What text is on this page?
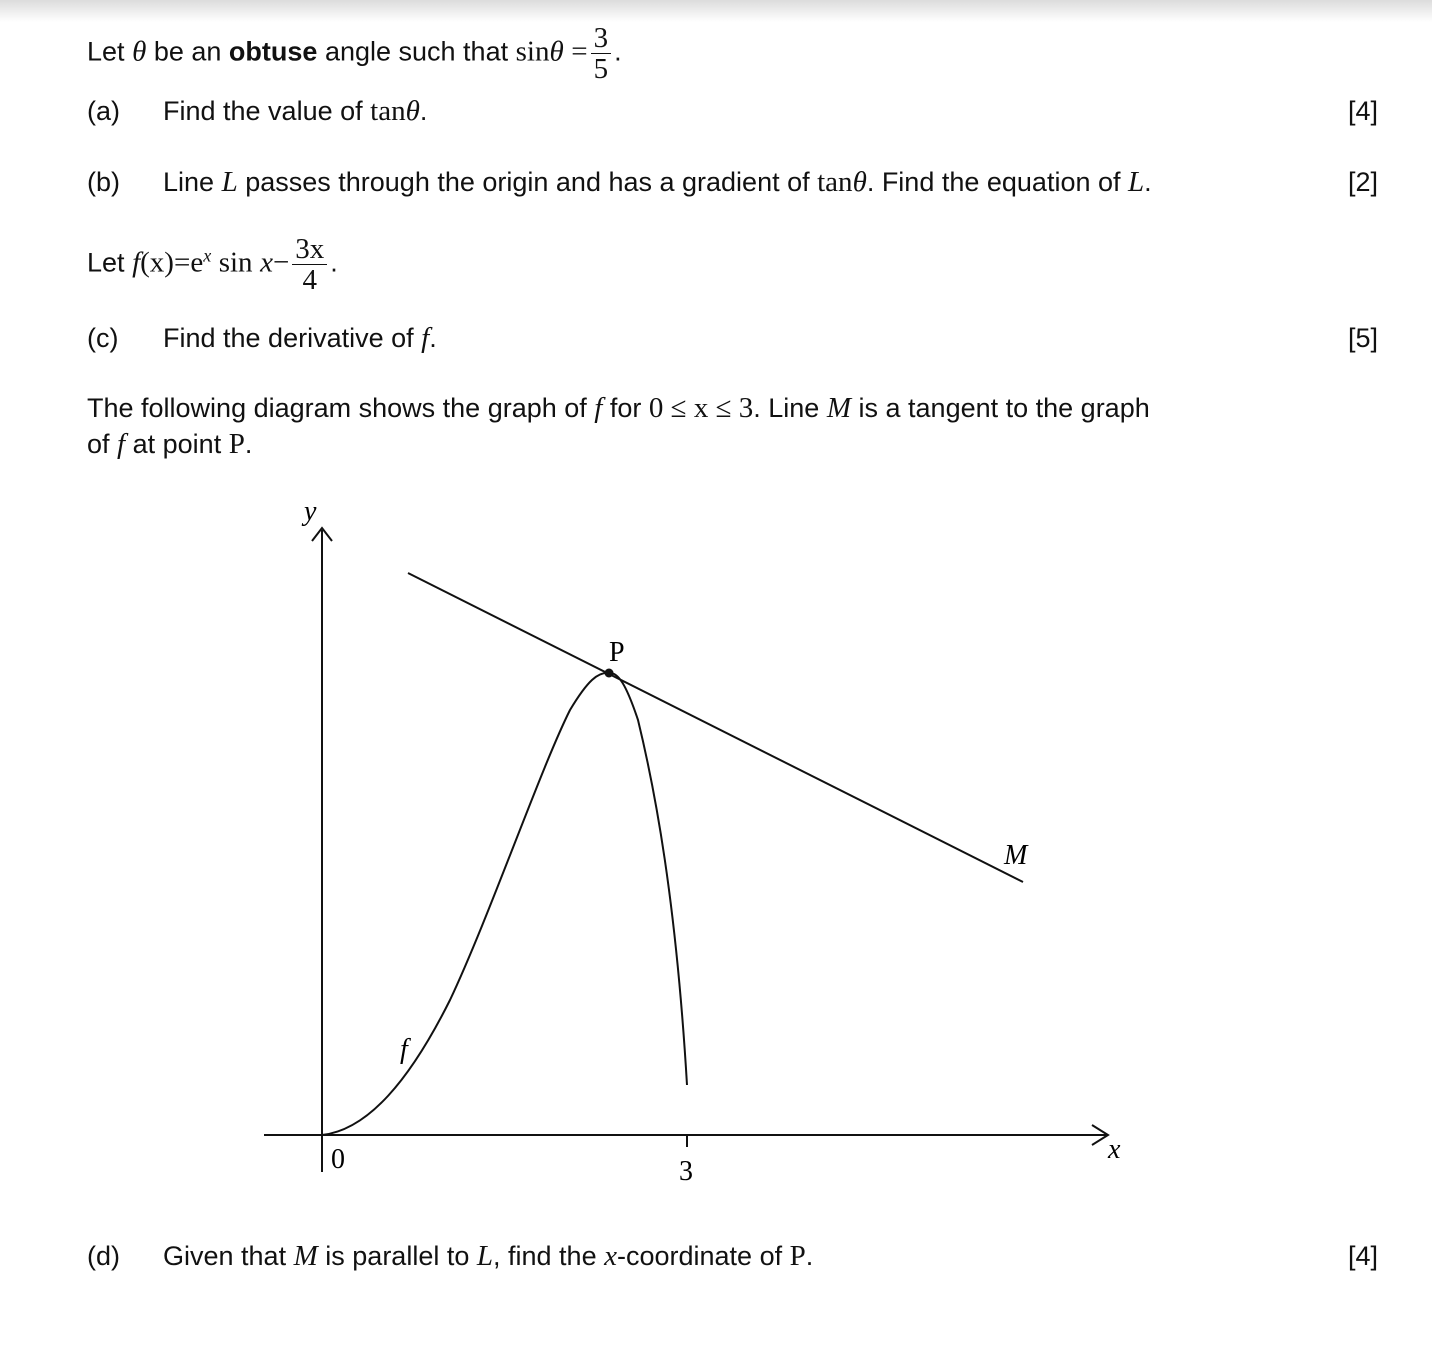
Let θ be an obtuse angle such that $\sin\theta = \frac{3}{5}$ .
(a) Find the value of tanθ.	[4]
(b) Line L passes through the origin and has a gradient of tanθ. Find the equation of L.	[2]
Let $f(x)=e^x$ $\sin x- \frac{3x}{4}$ .
(c) Find the derivative of f.	[5]
The following diagram shows the graph of f for 0 ≤ x ≤ 3. Line M is a tangent to the graph
of f at point P.
y
x
0	3
f
M
P
(d) Given that M is parallel to L, find the x-coordinate of P.	[4]
